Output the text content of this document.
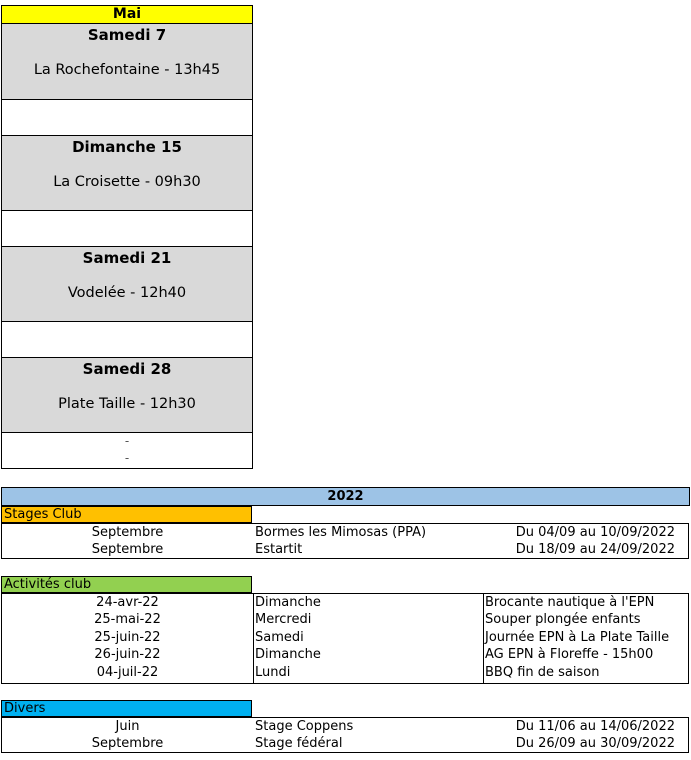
Mai
Samedi 7
La Rochefontaine - 13h45
Dimanche 15
La Croisette - 09h30
Samedi 21
Vodelée - 12h40
Samedi 28
Plate Taille - 12h30
-
-
2022
Stages Club
Septembre	Bormes les Mimosas (PPA)	Du 04/09 au 10/09/2022
Septembre	Estartit	Du 18/09 au 24/09/2022
Activités club
24-avr-22	Dimanche	Brocante nautique à l'EPN
25-mai-22	Mercredi	Souper plongée enfants
25-juin-22	Samedi	Journée EPN à La Plate Taille
26-juin-22	Dimanche	AG EPN à Floreffe - 15h00
04-juil-22	Lundi	BBQ fin de saison
Divers
Juin	Stage Coppens	Du 11/06 au 14/06/2022
Septembre	Stage fédéral	Du 26/09 au 30/09/2022
